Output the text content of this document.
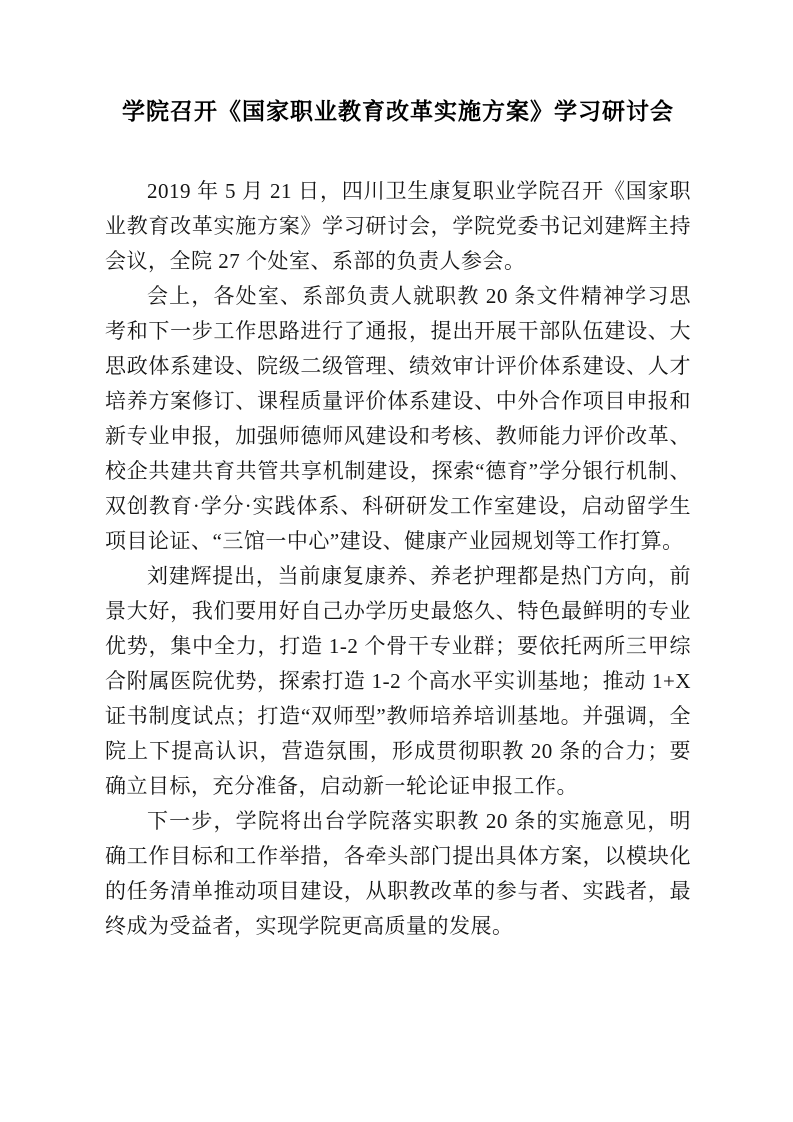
学院召开《国家职业教育改革实施方案》学习研讨会

2019 年 5 月 21 日，四川卫生康复职业学院召开《国家职业教育改革实施方案》学习研讨会，学院党委书记刘建辉主持会议，全院 27 个处室、系部的负责人参会。

会上，各处室、系部负责人就职教 20 条文件精神学习思考和下一步工作思路进行了通报，提出开展干部队伍建设、大思政体系建设、院级二级管理、绩效审计评价体系建设、人才培养方案修订、课程质量评价体系建设、中外合作项目申报和新专业申报，加强师德师风建设和考核、教师能力评价改革、校企共建共育共管共享机制建设，探索“德育”学分银行机制、双创教育·学分·实践体系、科研研发工作室建设，启动留学生项目论证、“三馆一中心”建设、健康产业园规划等工作打算。

刘建辉提出，当前康复康养、养老护理都是热门方向，前景大好，我们要用好自己办学历史最悠久、特色最鲜明的专业优势，集中全力，打造 1-2 个骨干专业群；要依托两所三甲综合附属医院优势，探索打造 1-2 个高水平实训基地；推动 1+X 证书制度试点；打造“双师型”教师培养培训基地。并强调，全院上下提高认识，营造氛围，形成贯彻职教 20 条的合力；要确立目标，充分准备，启动新一轮论证申报工作。

下一步，学院将出台学院落实职教 20 条的实施意见，明确工作目标和工作举措，各牵头部门提出具体方案，以模块化的任务清单推动项目建设，从职教改革的参与者、实践者，最终成为受益者，实现学院更高质量的发展。
